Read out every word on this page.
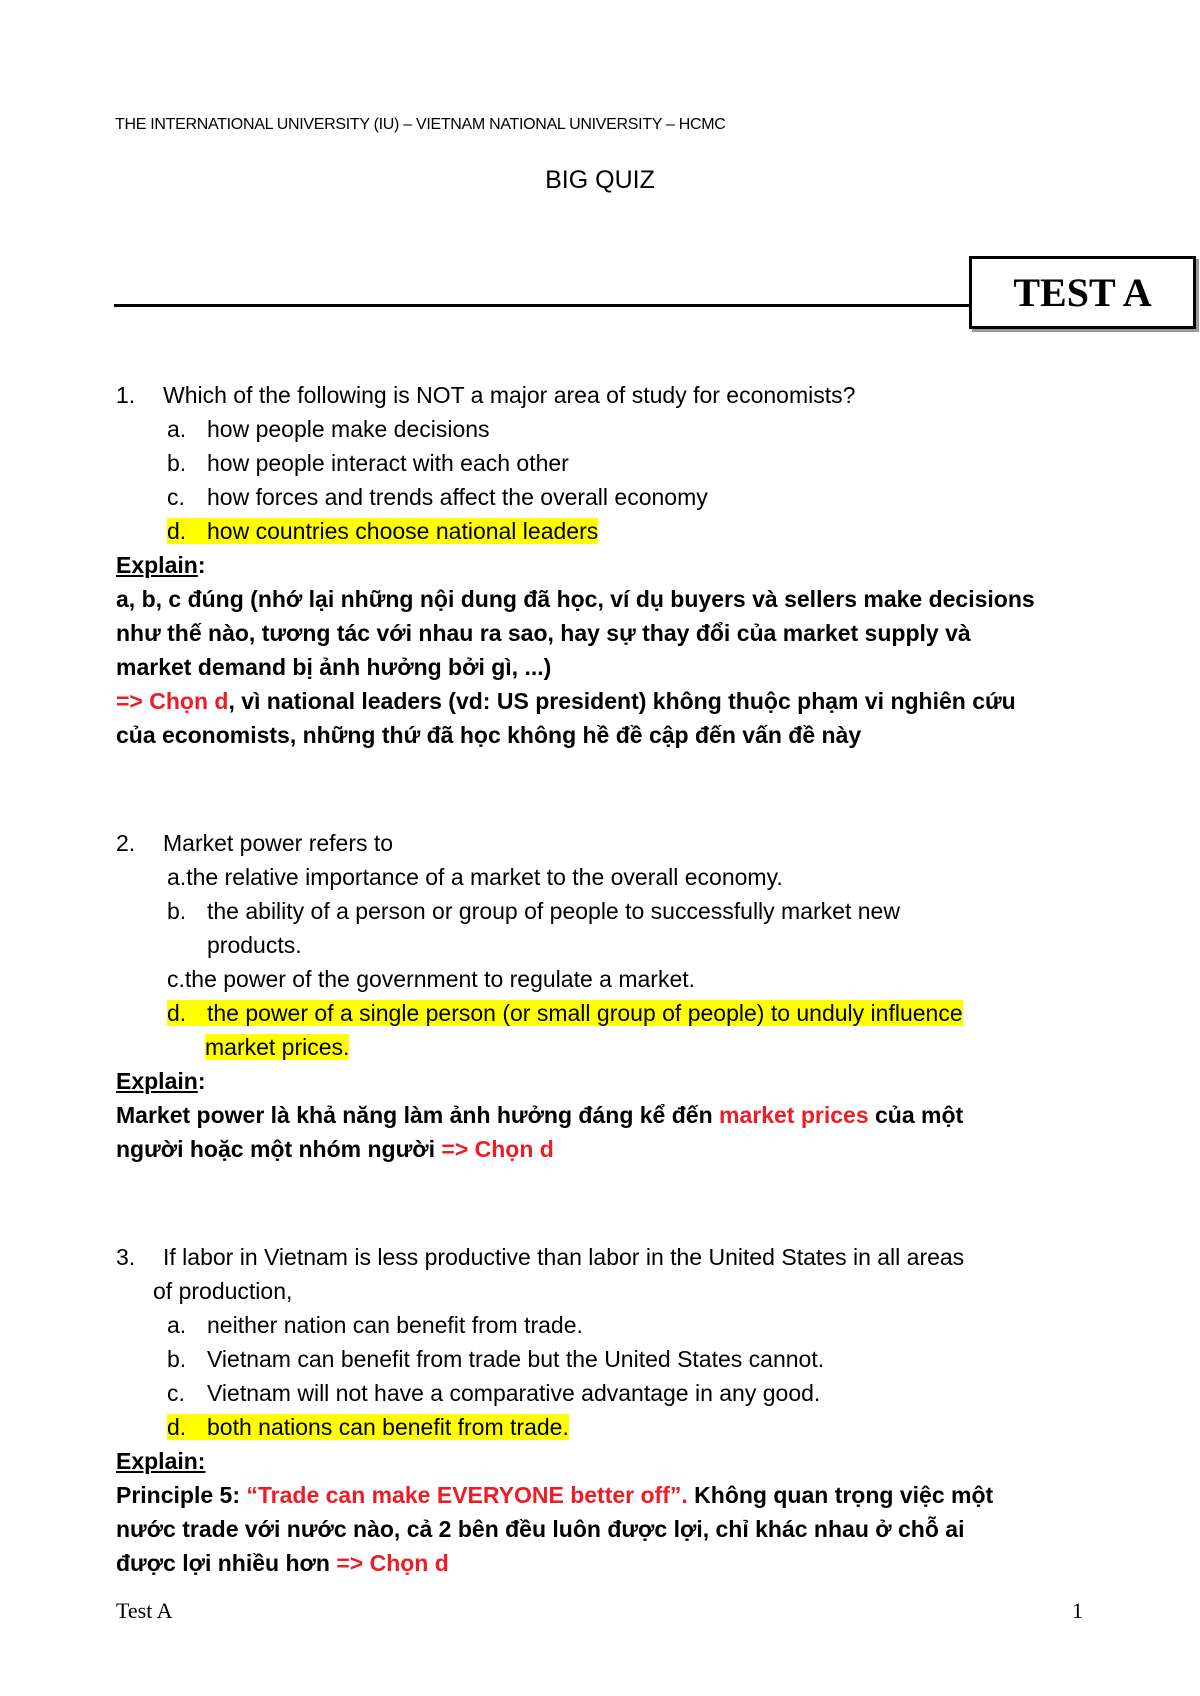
THE INTERNATIONAL UNIVERSITY (IU) – VIETNAM NATIONAL UNIVERSITY – HCMC
BIG QUIZ
TEST A

1. Which of the following is NOT a major area of study for economists?

a. how people make decisions

b. how people interact with each other

c. how forces and trends affect the overall economy

d. how countries choose national leaders

Explain:

a, b, c đúng (nhớ lại những nội dung đã học, ví dụ buyers và sellers make decisions

như thế nào, tương tác với nhau ra sao, hay sự thay đổi của market supply và

market demand bị ảnh hưởng bởi gì, ...)

=> Chọn d, vì national leaders (vd: US president) không thuộc phạm vi nghiên cứu

của economists, những thứ đã học không hề đề cập đến vấn đề này

2. Market power refers to

a.the relative importance of a market to the overall economy.

b. the ability of a person or group of people to successfully market new

products.

c.the power of the government to regulate a market.

d. the power of a single person (or small group of people) to unduly influence

market prices.

Explain:

Market power là khả năng làm ảnh hưởng đáng kể đến market prices của một

người hoặc một nhóm người => Chọn d

3. If labor in Vietnam is less productive than labor in the United States in all areas

of production,

a. neither nation can benefit from trade.

b. Vietnam can benefit from trade but the United States cannot.

c. Vietnam will not have a comparative advantage in any good.

d. both nations can benefit from trade.

Explain:

Principle 5: “Trade can make EVERYONE better off”. Không quan trọng việc một

nước trade với nước nào, cả 2 bên đều luôn được lợi, chỉ khác nhau ở chỗ ai

được lợi nhiều hơn => Chọn d

Test A	1
